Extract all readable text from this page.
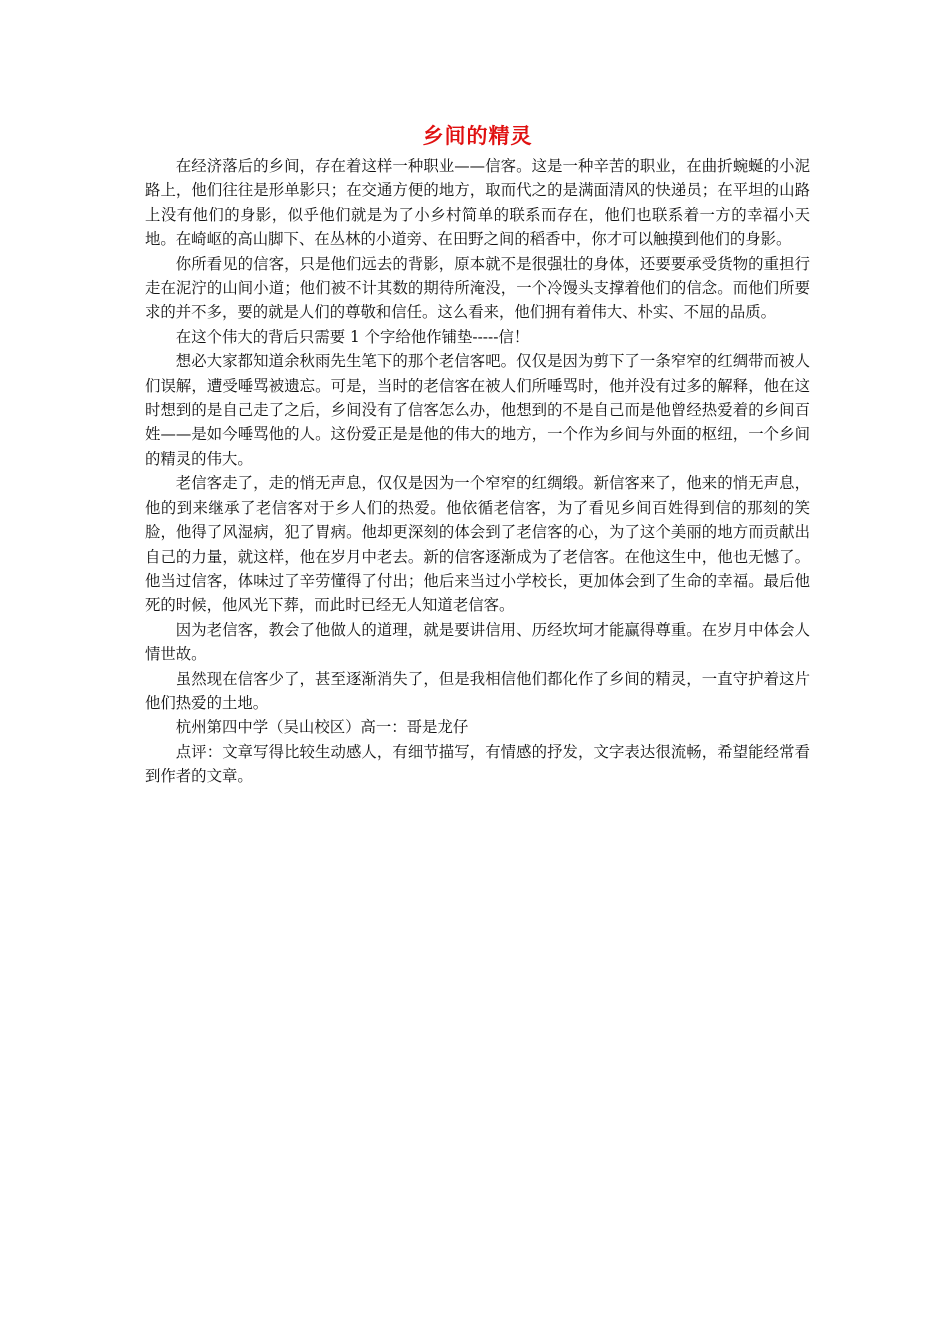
乡间的精灵

在经济落后的乡间，存在着这样一种职业——信客。这是一种辛苦的职业，在曲折蜿蜒的小泥路上，他们往往是形单影只；在交通方便的地方，取而代之的是满面清风的快递员；在平坦的山路上没有他们的身影，似乎他们就是为了小乡村简单的联系而存在，他们也联系着一方的幸福小天地。在崎岖的高山脚下、在丛林的小道旁、在田野之间的稻香中，你才可以触摸到他们的身影。

你所看见的信客，只是他们远去的背影，原本就不是很强壮的身体，还要要承受货物的重担行走在泥泞的山间小道；他们被不计其数的期待所淹没，一个冷馒头支撑着他们的信念。而他们所要求的并不多，要的就是人们的尊敬和信任。这么看来，他们拥有着伟大、朴实、不屈的品质。

在这个伟大的背后只需要 1 个字给他作铺垫-----信！

想必大家都知道余秋雨先生笔下的那个老信客吧。仅仅是因为剪下了一条窄窄的红绸带而被人们误解，遭受唾骂被遗忘。可是，当时的老信客在被人们所唾骂时，他并没有过多的解释，他在这时想到的是自己走了之后，乡间没有了信客怎么办，他想到的不是自己而是他曾经热爱着的乡间百姓——是如今唾骂他的人。这份爱正是是他的伟大的地方，一个作为乡间与外面的枢纽，一个乡间的精灵的伟大。

老信客走了，走的悄无声息，仅仅是因为一个窄窄的红绸缎。新信客来了，他来的悄无声息，他的到来继承了老信客对于乡人们的热爱。他依循老信客，为了看见乡间百姓得到信的那刻的笑脸，他得了风湿病，犯了胃病。他却更深刻的体会到了老信客的心，为了这个美丽的地方而贡献出自己的力量，就这样，他在岁月中老去。新的信客逐渐成为了老信客。在他这生中，他也无憾了。他当过信客，体味过了辛劳懂得了付出；他后来当过小学校长，更加体会到了生命的幸福。最后他死的时候，他风光下葬，而此时已经无人知道老信客。

因为老信客，教会了他做人的道理，就是要讲信用、历经坎坷才能赢得尊重。在岁月中体会人情世故。

虽然现在信客少了，甚至逐渐消失了，但是我相信他们都化作了乡间的精灵，一直守护着这片他们热爱的土地。

杭州第四中学（吴山校区）高一：哥是龙仔

点评：文章写得比较生动感人，有细节描写，有情感的抒发，文字表达很流畅，希望能经常看到作者的文章。
